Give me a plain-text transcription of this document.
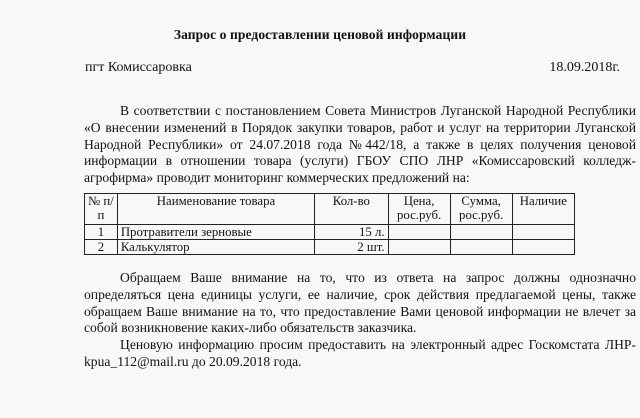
Запрос о предоставлении ценовой информации
пгт Комиссаровка	18.09.2018г.
В соответствии с постановлением Совета Министров Луганской Народной Республики «О внесении изменений в Порядок закупки товаров, работ и услуг на территории Луганской Народной Республики» от 24.07.2018 года №442/18, а также в целях получения ценовой информации в отношении товара (услуги) ГБОУ СПО ЛНР «Комиссаровский колледж-агрофирма» проводит мониторинг коммерческих предложений на:
№ п/п	Наименование товара	Кол-во	Цена, рос.руб.	Сумма, рос.руб.	Наличие
1	Протравители зерновые	15 л.			
2	Калькулятор	2 шт.			
Обращаем Ваше внимание на то, что из ответа на запрос должны однозначно определяться цена единицы услуги, ее наличие, срок действия предлагаемой цены, также обращаем Ваше внимание на то, что предоставление Вами ценовой информации не влечет за собой возникновение каких-либо обязательств заказчика.
Ценовую информацию просим предоставить на электронный адрес Госкомстата ЛНР-kpua_112@mail.ru до 20.09.2018 года.
